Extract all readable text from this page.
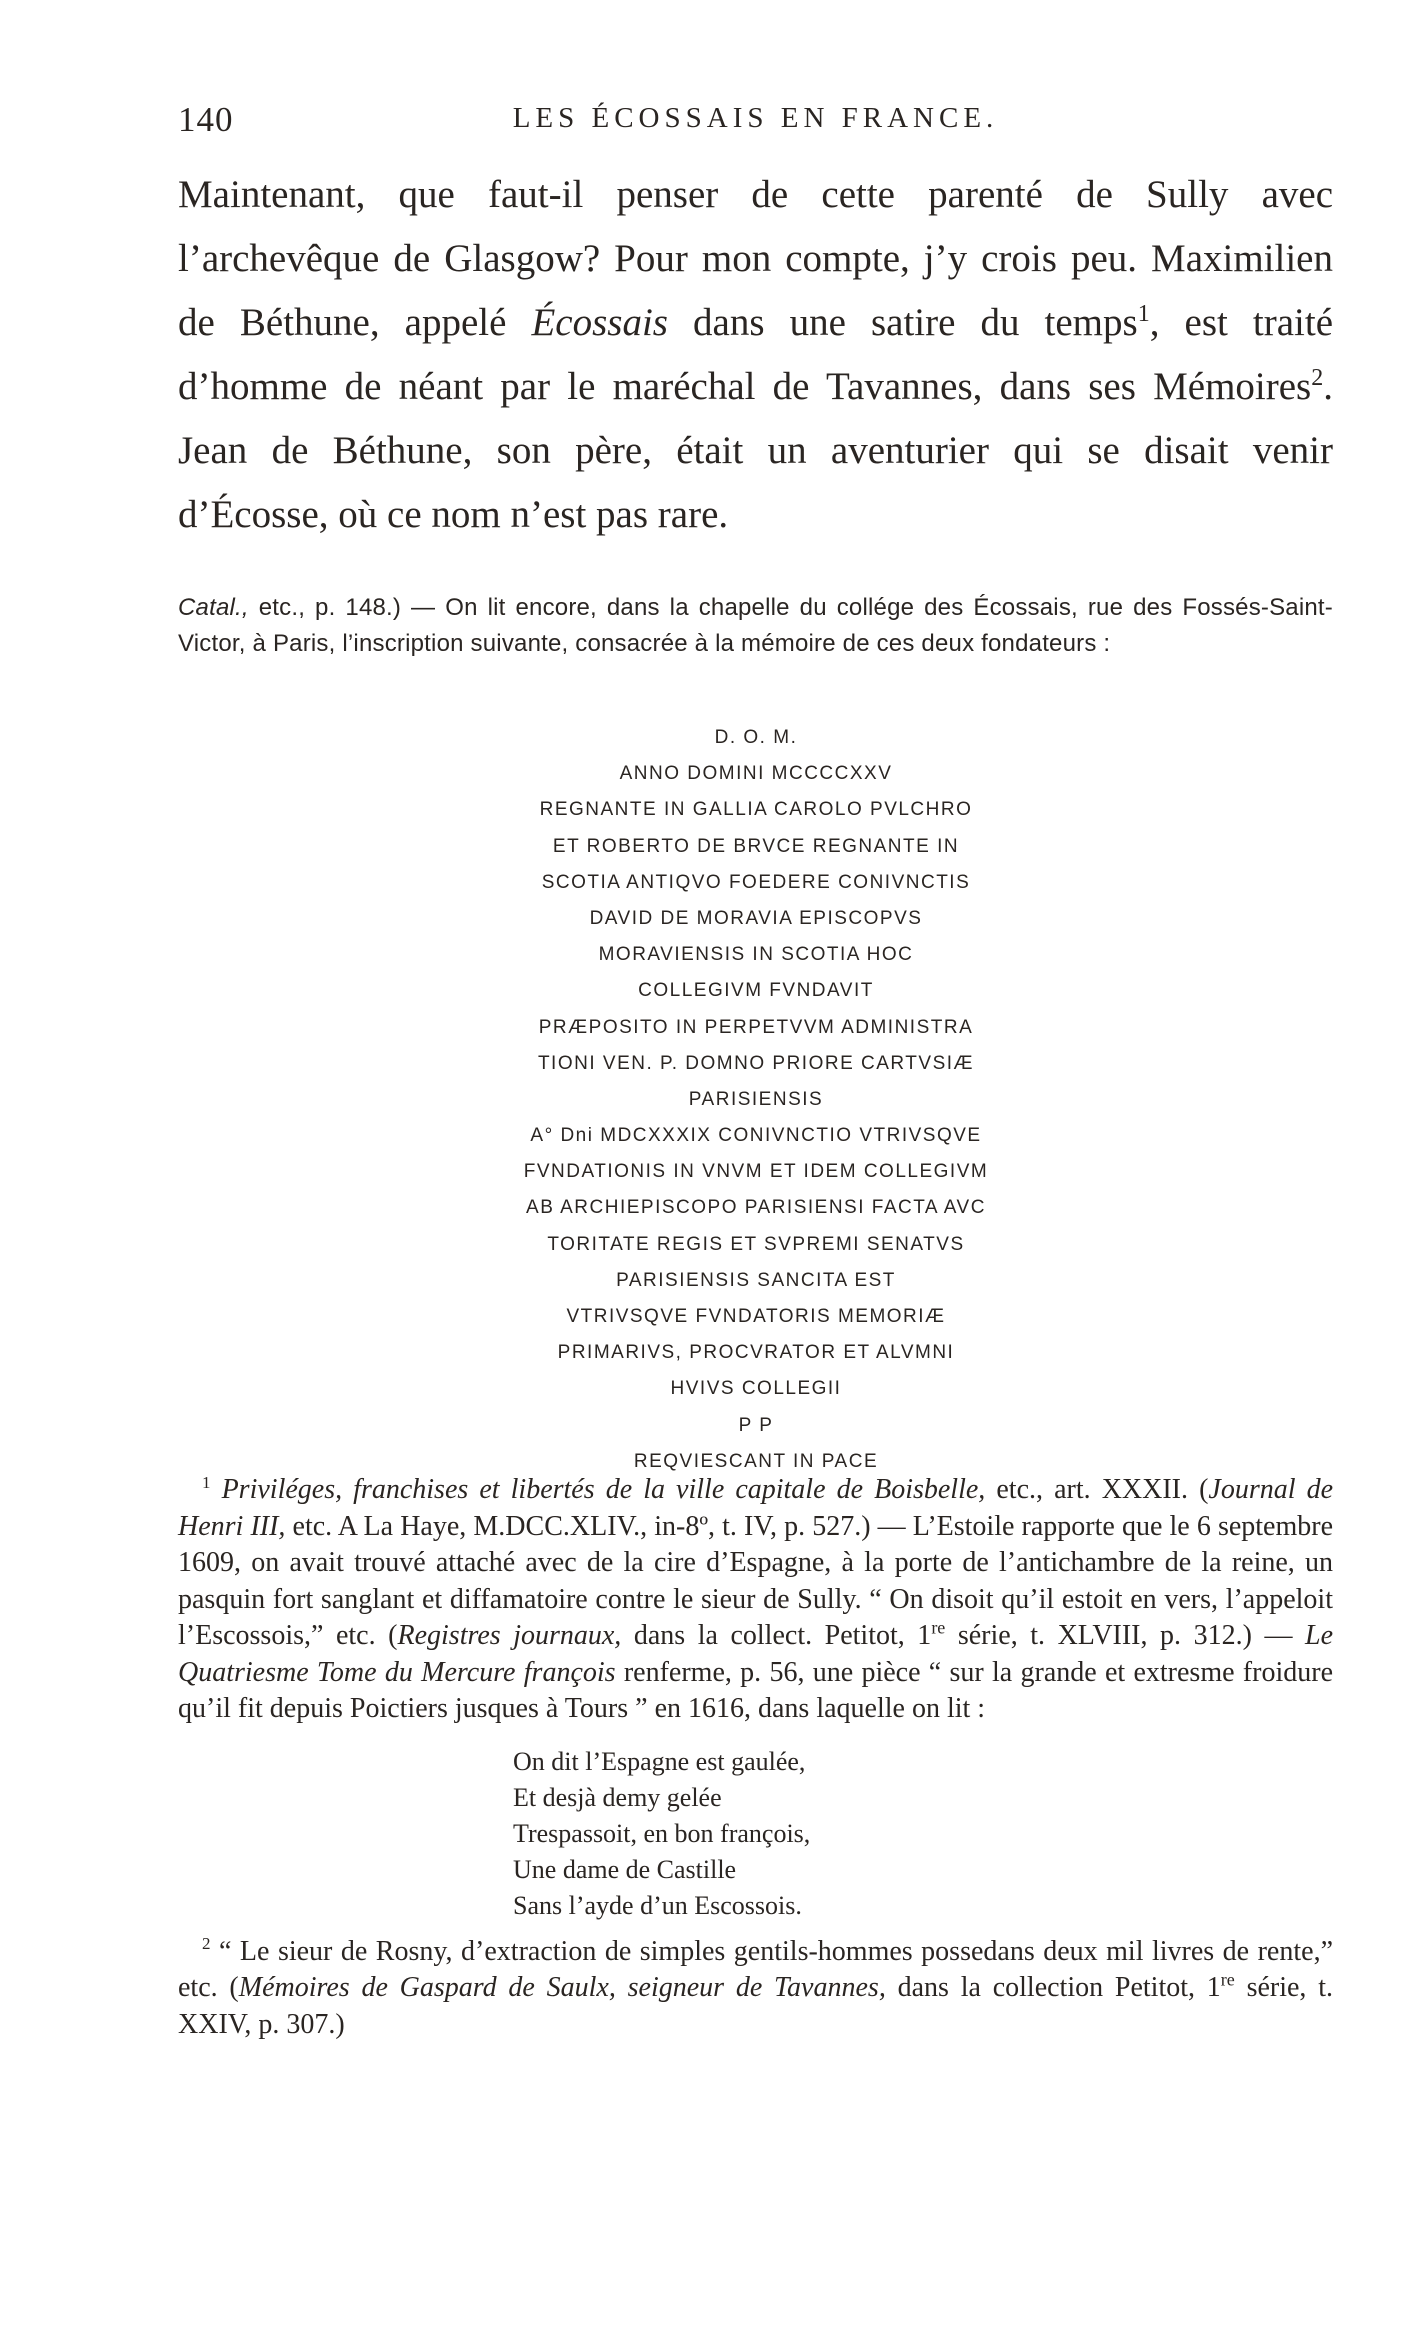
140	LES ÉCOSSAIS EN FRANCE.

Maintenant, que faut-il penser de cette parenté de Sully avec l’archevêque de Glasgow? Pour mon compte, j’y crois peu. Maximilien de Béthune, appelé Écossais dans une satire du temps$^1$, est traité d’homme de néant par le maréchal de Tavannes, dans ses Mémoires$^2$. Jean de Béthune, son père, était un aventurier qui se disait venir d’Écosse, où ce nom n’est pas rare.

Catal., etc., p. 148.) — On lit encore, dans la chapelle du collége des Écossais, rue des Fossés-Saint-Victor, à Paris, l’inscription suivante, consacrée à la mémoire de ces deux fondateurs :

D. O. M.
ANNO DOMINI MCCCCXXV
REGNANTE IN GALLIA CAROLO PVLCHRO
ET ROBERTO DE BRVCE REGNANTE IN
SCOTIA ANTIQVO FOEDERE CONIVNCTIS
DAVID DE MORAVIA EPISCOPVS
MORAVIENSIS IN SCOTIA HOC
COLLEGIVM FVNDAVIT
PRÆPOSITO IN PERPETVVM ADMINISTRA
TIONI VEN. P. DOMNO PRIORE CARTVSIÆ
PARISIENSIS
A° Dni MDCXXXIX CONIVNCTIO VTRIVSQVE
FVNDATIONIS IN VNVM ET IDEM COLLEGIVM
AB ARCHIEPISCOPO PARISIENSI FACTA AVC
TORITATE REGIS ET SVPREMI SENATVS
PARISIENSIS SANCITA EST
VTRIVSQVE FVNDATORIS MEMORIÆ
PRIMARIVS, PROCVRATOR ET ALVMNI
HVIVS COLLEGII
P P
REQVIESCANT IN PACE

$^1$ Priviléges, franchises et libertés de la ville capitale de Boisbelle, etc., art. XXXII. (Journal de Henri III, etc. A La Haye, M.DCC.XLIV., in-8º, t. IV, p. 527.) — L’Estoile rapporte que le 6 septembre 1609, on avait trouvé attaché avec de la cire d’Espagne, à la porte de l’antichambre de la reine, un pasquin fort sanglant et diffamatoire contre le sieur de Sully. “ On disoit qu’il estoit en vers, l’appeloit l’Escossois,” etc. (Registres journaux, dans la collect. Petitot, 1re série, t. XLVIII, p. 312.) — Le Quatriesme Tome du Mercure françois renferme, p. 56, une pièce “ sur la grande et extresme froidure qu’il fit depuis Poictiers jusques à Tours ” en 1616, dans laquelle on lit :

On dit l’Espagne est gaulée,
Et desjà demy gelée
Trespassoit, en bon françois,
Une dame de Castille
Sans l’ayde d’un Escossois.

$^2$ “ Le sieur de Rosny, d’extraction de simples gentils-hommes possedans deux mil livres de rente,” etc. (Mémoires de Gaspard de Saulx, seigneur de Tavannes, dans la collection Petitot, 1re série, t. XXIV, p. 307.)
